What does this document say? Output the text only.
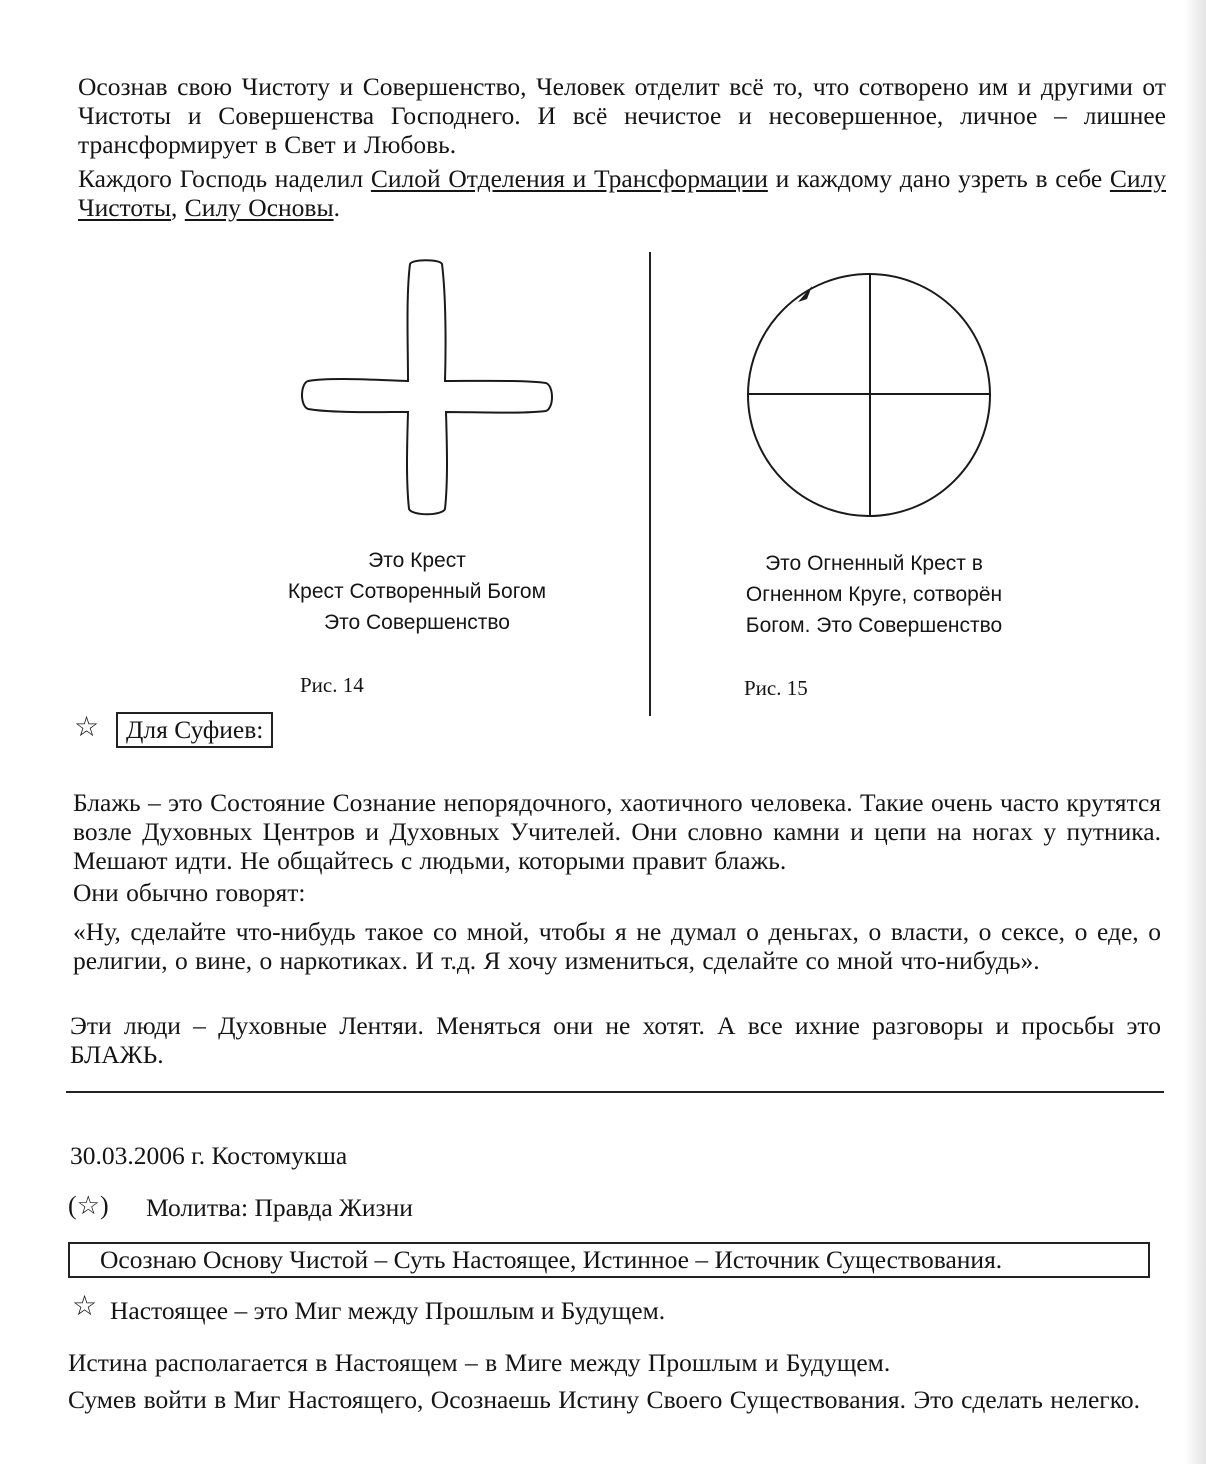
Осознав свою Чистоту и Совершенство, Человек отделит всё то, что сотворено им и другими от Чистоты и Совершенства Господнего. И всё нечистое и несовершенное, личное – лишнее трансформирует в Свет и Любовь.

Каждого Господь наделил Силой Отделения и Трансформации и каждому дано узреть в себе Силу Чистоты, Силу Основы.

Это Крест
Крест Сотворенный Богом
Это Совершенство
Рис. 14
Это Огненный Крест в
Огненном Круге, сотворён
Богом. Это Совершенство
Рис. 15
☆	Для Суфиев:

Блажь – это Состояние Сознание непорядочного, хаотичного человека. Такие очень часто крутятся возле Духовных Центров и Духовных Учителей. Они словно камни и цепи на ногах у путника. Мешают идти. Не общайтесь с людьми, которыми правит блажь.

Они обычно говорят:

«Ну, сделайте что-нибудь такое со мной, чтобы я не думал о деньгах, о власти, о сексе, о еде, о религии, о вине, о наркотиках. И т.д. Я хочу измениться, сделайте со мной что-нибудь».

Эти люди – Духовные Лентяи. Меняться они не хотят. А все ихние разговоры и просьбы это БЛАЖЬ.

30.03.2006 г. Костомукша
(☆) Молитва: Правда Жизни
Осознаю Основу Чистой – Суть Настоящее, Истинное – Источник Существования.
☆ Настоящее – это Миг между Прошлым и Будущем.

Истина располагается в Настоящем – в Миге между Прошлым и Будущем.

Сумев войти в Миг Настоящего, Осознаешь Истину Своего Существования. Это сделать нелегко.
